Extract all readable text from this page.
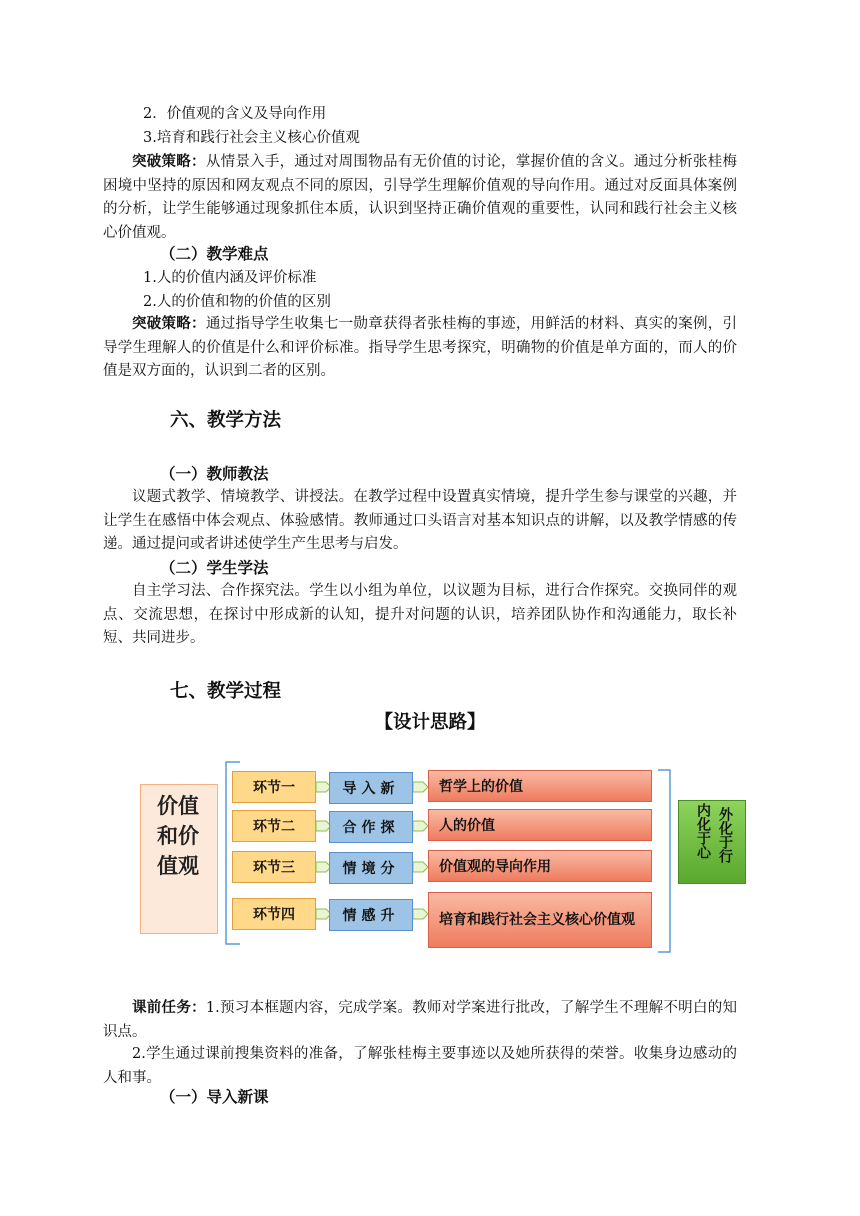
2．价值观的含义及导向作用
3.培育和践行社会主义核心价值观
突破策略：从情景入手，通过对周围物品有无价值的讨论，掌握价值的含义。通过分析张桂梅困境中坚持的原因和网友观点不同的原因，引导学生理解价值观的导向作用。通过对反面具体案例的分析，让学生能够通过现象抓住本质，认识到坚持正确价值观的重要性，认同和践行社会主义核心价值观。
（二）教学难点
1.人的价值内涵及评价标准
2.人的价值和物的价值的区别
突破策略：通过指导学生收集七一勋章获得者张桂梅的事迹，用鲜活的材料、真实的案例，引导学生理解人的价值是什么和评价标准。指导学生思考探究，明确物的价值是单方面的，而人的价值是双方面的，认识到二者的区别。
六、教学方法
（一）教师教法
议题式教学、情境教学、讲授法。在教学过程中设置真实情境，提升学生参与课堂的兴趣，并让学生在感悟中体会观点、体验感情。教师通过口头语言对基本知识点的讲解，以及教学情感的传递。通过提问或者讲述使学生产生思考与启发。
（二）学生学法
自主学习法、合作探究法。学生以小组为单位，以议题为目标，进行合作探究。交换同伴的观点、交流思想，在探讨中形成新的认知，提升对问题的认识，培养团队协作和沟通能力，取长补短、共同进步。
七、教学过程
【设计思路】
价值和价值观
环节一	导入新	哲学上的价值
环节二	合作探	人的价值
环节三	情境分	价值观的导向作用
环节四	情感升	培育和践行社会主义核心价值观
外化于行
内化于心
课前任务：1.预习本框题内容，完成学案。教师对学案进行批改，了解学生不理解不明白的知识点。
2.学生通过课前搜集资料的准备，了解张桂梅主要事迹以及她所获得的荣誉。收集身边感动的人和事。
（一）导入新课
